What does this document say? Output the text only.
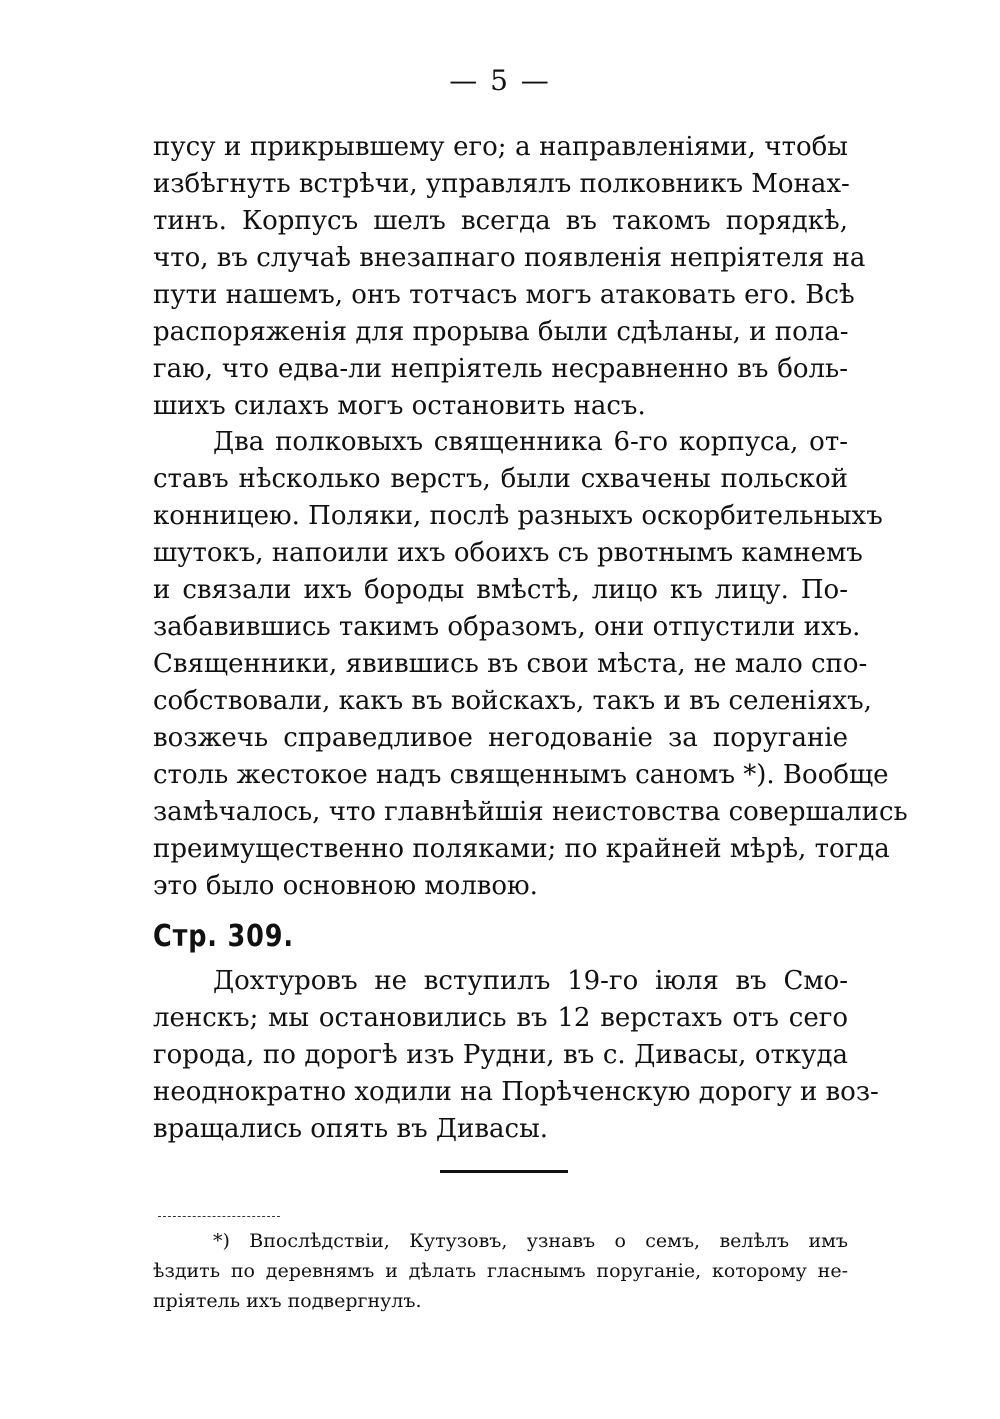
— 5 —
пусу и прикрывшему его; а направленіями, чтобы
избѣгнуть встрѣчи, управлялъ полковникъ Монах-
тинъ. Корпусъ шелъ всегда въ такомъ порядкѣ,
что, въ случаѣ внезапнаго появленія непріятеля на
пути нашемъ, онъ тотчасъ могъ атаковать его. Всѣ
распоряженія для прорыва были сдѣланы, и пола-
гаю, что едва-ли непріятель несравненно въ боль-
шихъ силахъ могъ остановить насъ.
Два полковыхъ священника 6-го корпуса, от-
ставъ нѣсколько верстъ, были схвачены польской
конницею. Поляки, послѣ разныхъ оскорбительныхъ
шутокъ, напоили ихъ обоихъ съ рвотнымъ камнемъ
и связали ихъ бороды вмѣстѣ, лицо къ лицу. По-
забавившись такимъ образомъ, они отпустили ихъ.
Священники, явившись въ свои мѣста, не мало спо-
собствовали, какъ въ войскахъ, такъ и въ селеніяхъ,
возжечь справедливое негодованіе за поруганіе
столь жестокое надъ священнымъ саномъ *). Вообще
замѣчалось, что главнѣйшія неистовства совершались
преимущественно поляками; по крайней мѣрѣ, тогда
это было основною молвою.
Стр. 309.
Дохтуровъ не вступилъ 19-го іюля въ Смо-
ленскъ; мы остановились въ 12 верстахъ отъ сего
города, по дорогѣ изъ Рудни, въ с. Дивасы, откуда
неоднократно ходили на Порѣченскую дорогу и воз-
вращались опять въ Дивасы.
*) Впослѣдствіи, Кутузовъ, узнавъ о семъ, велѣлъ имъ
ѣздить по деревнямъ и дѣлать гласнымъ поруганіе, которому не-
пріятель ихъ подвергнулъ.
